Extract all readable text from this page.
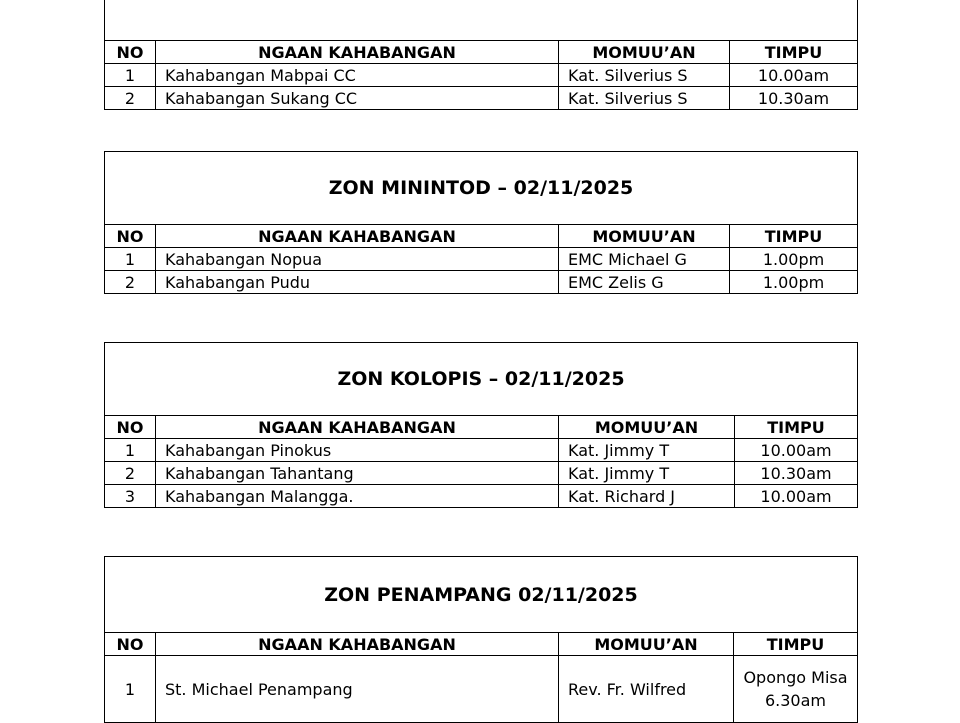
NO	NGAAN KAHABANGAN	MOMUU’AN	TIMPU
1	Kahabangan Mabpai CC	Kat. Silverius S	10.00am
2	Kahabangan Sukang CC	Kat. Silverius S	10.30am
ZON MININTOD – 02/11/2025			
NO	NGAAN KAHABANGAN	MOMUU’AN	TIMPU
1	Kahabangan Nopua	EMC Michael G	1.00pm
2	Kahabangan Pudu	EMC Zelis G	1.00pm
ZON KOLOPIS – 02/11/2025			
NO	NGAAN KAHABANGAN	MOMUU’AN	TIMPU
1	Kahabangan Pinokus	Kat. Jimmy T	10.00am
2	Kahabangan Tahantang	Kat. Jimmy T	10.30am
3	Kahabangan Malangga.	Kat. Richard J	10.00am
ZON PENAMPANG 02/11/2025			
NO	NGAAN KAHABANGAN	MOMUU’AN	TIMPU
1	St. Michael Penampang	Rev. Fr. Wilfred	Opongo Misa 6.30am
